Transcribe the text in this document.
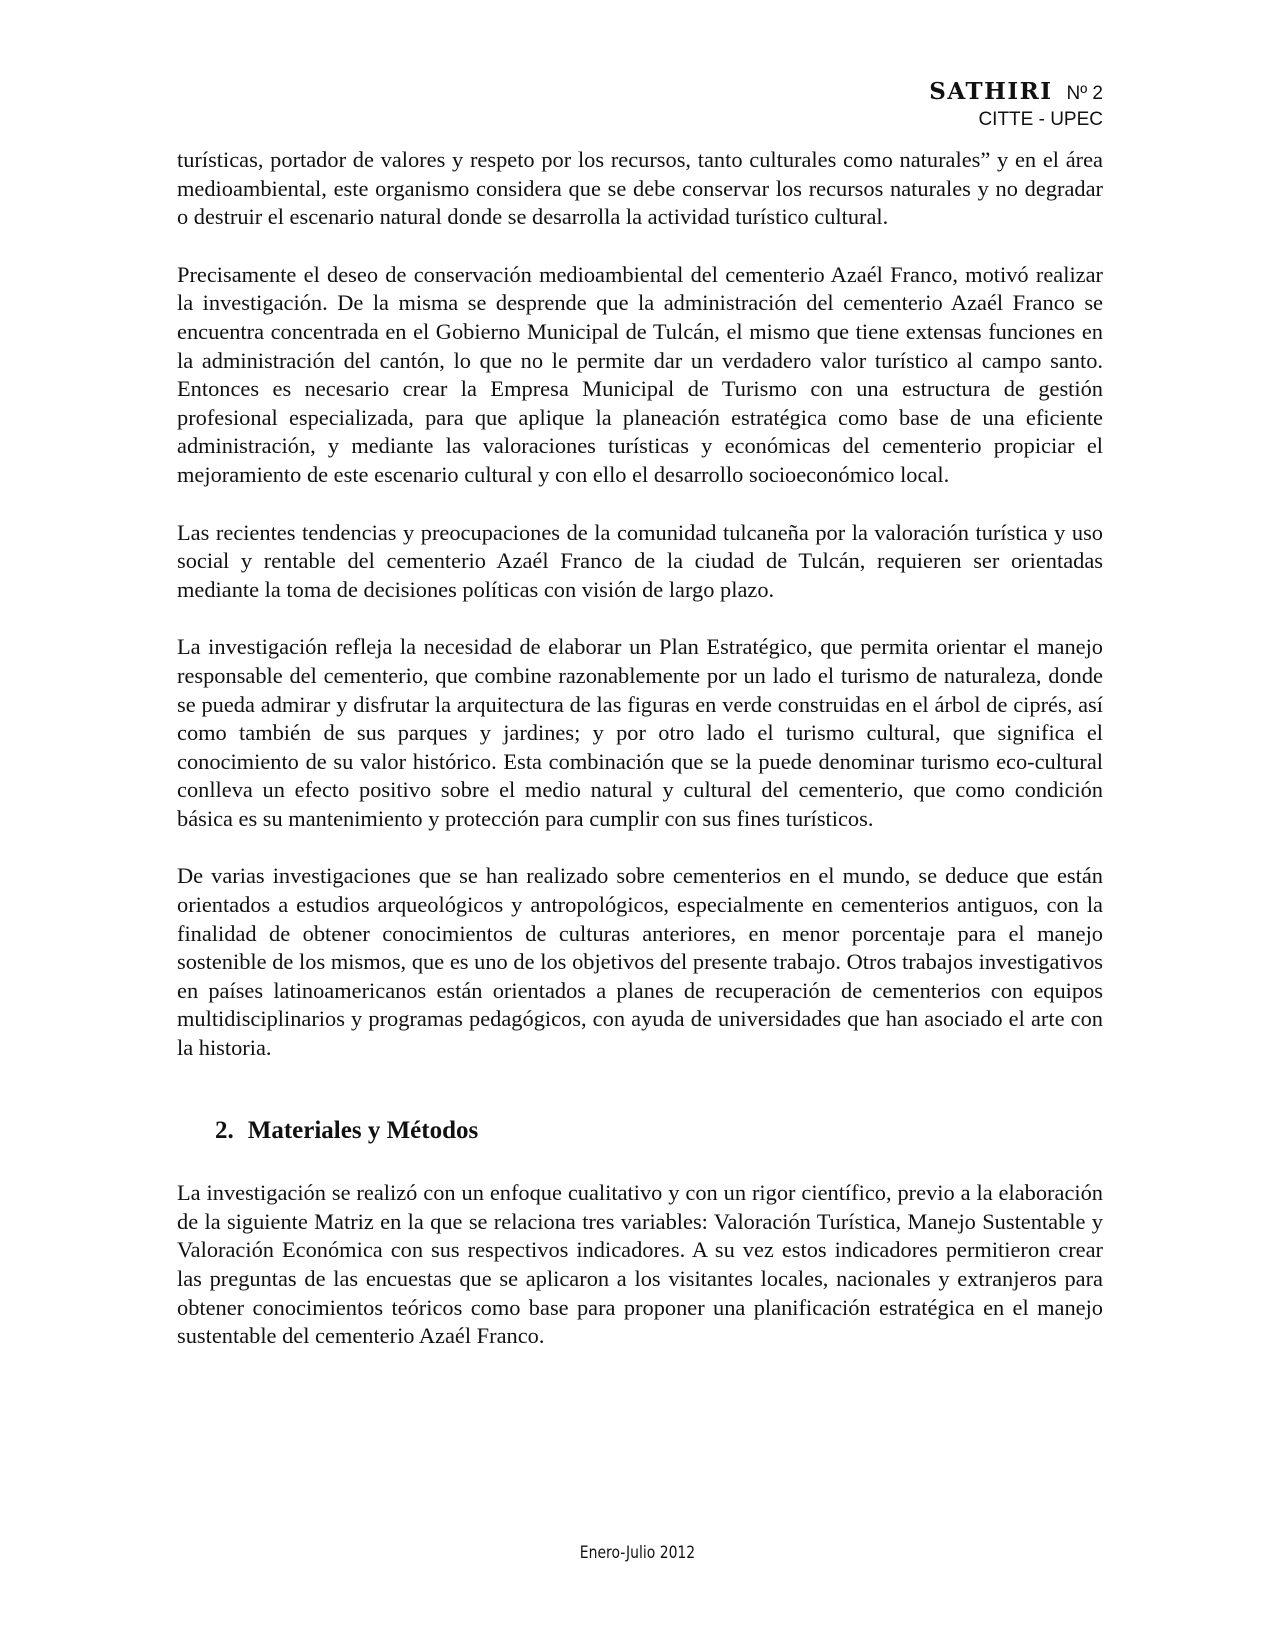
SATHIRI Nº 2
CITTE - UPEC

turísticas, portador de valores y respeto por los recursos, tanto culturales como naturales” y en el área medioambiental, este organismo considera que se debe conservar los recursos naturales y no degradar o destruir el escenario natural donde se desarrolla la actividad turístico cultural.

Precisamente el deseo de conservación medioambiental del cementerio Azaél Franco, motivó realizar la investigación. De la misma se desprende que la administración del cementerio Azaél Franco se encuentra concentrada en el Gobierno Municipal de Tulcán, el mismo que tiene extensas funciones en la administración del cantón, lo que no le permite dar un verdadero valor turístico al campo santo. Entonces es necesario crear la Empresa Municipal de Turismo con una estructura de gestión profesional especializada, para que aplique la planeación estratégica como base de una eficiente administración, y mediante las valoraciones turísticas y económicas del cementerio propiciar el mejoramiento de este escenario cultural y con ello el desarrollo socioeconómico local.

Las recientes tendencias y preocupaciones de la comunidad tulcaneña por la valoración turística y uso social y rentable del cementerio Azaél Franco de la ciudad de Tulcán, requieren ser orientadas mediante la toma de decisiones políticas con visión de largo plazo.

La investigación refleja la necesidad de elaborar un Plan Estratégico, que permita orientar el manejo responsable del cementerio, que combine razonablemente por un lado el turismo de naturaleza, donde se pueda admirar y disfrutar la arquitectura de las figuras en verde construidas en el árbol de ciprés, así como también de sus parques y jardines; y por otro lado el turismo cultural, que significa el conocimiento de su valor histórico. Esta combinación que se la puede denominar turismo eco-cultural conlleva un efecto positivo sobre el medio natural y cultural del cementerio, que como condición básica es su mantenimiento y protección para cumplir con sus fines turísticos.

De varias investigaciones que se han realizado sobre cementerios en el mundo, se deduce que están orientados a estudios arqueológicos y antropológicos, especialmente en cementerios antiguos, con la finalidad de obtener conocimientos de culturas anteriores, en menor porcentaje para el manejo sostenible de los mismos, que es uno de los objetivos del presente trabajo. Otros trabajos investigativos en países latinoamericanos están orientados a planes de recuperación de cementerios con equipos multidisciplinarios y programas pedagógicos, con ayuda de universidades que han asociado el arte con la historia.

2. Materiales y Métodos

La investigación se realizó con un enfoque cualitativo y con un rigor científico, previo a la elaboración de la siguiente Matriz en la que se relaciona tres variables: Valoración Turística, Manejo Sustentable y Valoración Económica con sus respectivos indicadores. A su vez estos indicadores permitieron crear las preguntas de las encuestas que se aplicaron a los visitantes locales, nacionales y extranjeros para obtener conocimientos teóricos como base para proponer una planificación estratégica en el manejo sustentable del cementerio Azaél Franco.

Enero-Julio 2012
